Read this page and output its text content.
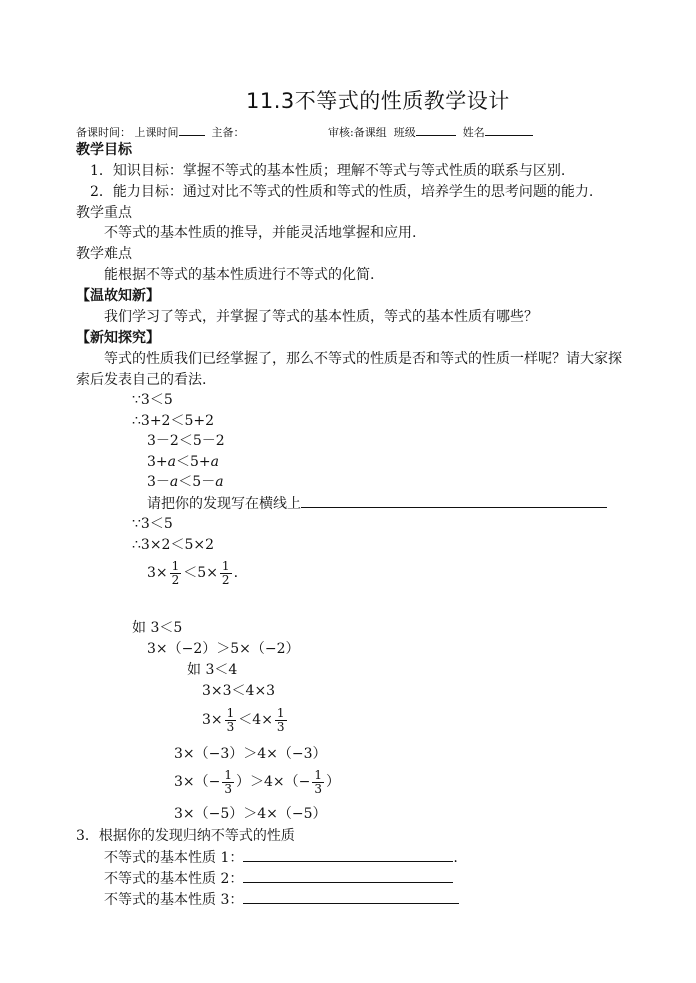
11.3不等式的性质教学设计
备课时间： 上课时间	主备：	审核:备课组 班级	姓名
教学目标
1．知识目标：掌握不等式的基本性质；理解不等式与等式性质的联系与区别.
2．能力目标：通过对比不等式的性质和等式的性质，培养学生的思考问题的能力.
教学重点
不等式的基本性质的推导，并能灵活地掌握和应用.
教学难点
能根据不等式的基本性质进行不等式的化简.
【温故知新】
我们学习了等式，并掌握了等式的基本性质，等式的基本性质有哪些？
【新知探究】
等式的性质我们已经掌握了，那么不等式的性质是否和等式的性质一样呢？请大家探
索后发表自己的看法.
∵3＜5
∴3+2＜5+2
3－2＜5－2
3+a＜5+a
3－a＜5－a
请把你的发现写在横线上
∵3＜5
∴3×2＜5×2
$3\times \frac{1}{2} <5\times \frac{1}{2}$ .
如 3＜5
3×（−2）＞5×（−2）
如 3＜4
3×3＜4×3
$3\times \frac{1}{3} <4\times \frac{1}{3}$
3×（−3）＞4×（−3）
$3\times(- \frac{1}{3} )>4\times(- \frac{1}{3}$ ）
3×（−5）＞4×（−5）
3．根据你的发现归纳不等式的性质
不等式的基本性质 1：	.
不等式的基本性质 2：
不等式的基本性质 3：
